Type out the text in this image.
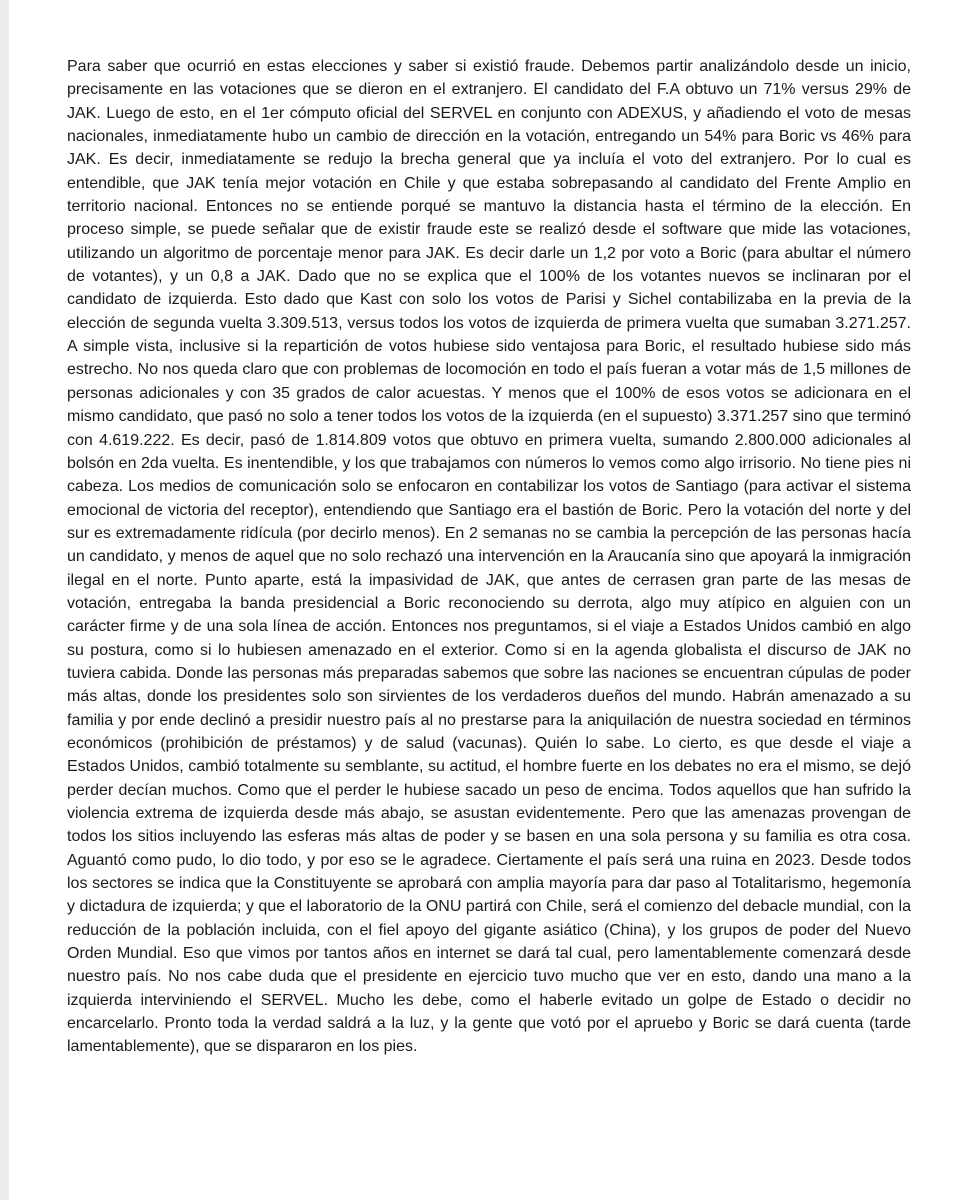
Para saber que ocurrió en estas elecciones y saber si existió fraude. Debemos partir analizándolo desde un inicio, precisamente en las votaciones que se dieron en el extranjero. El candidato del F.A obtuvo un 71% versus 29% de JAK. Luego de esto, en el 1er cómputo oficial del SERVEL en conjunto con ADEXUS, y añadiendo el voto de mesas nacionales, inmediatamente hubo un cambio de dirección en la votación, entregando un 54% para Boric vs 46% para JAK. Es decir, inmediatamente se redujo la brecha general que ya incluía el voto del extranjero. Por lo cual es entendible, que JAK tenía mejor votación en Chile y que estaba sobrepasando al candidato del Frente Amplio en territorio nacional. Entonces no se entiende porqué se mantuvo la distancia hasta el término de la elección. En proceso simple, se puede señalar que de existir fraude este se realizó desde el software que mide las votaciones, utilizando un algoritmo de porcentaje menor para JAK. Es decir darle un 1,2 por voto a Boric (para abultar el número de votantes), y un 0,8 a JAK. Dado que no se explica que el 100% de los votantes nuevos se inclinaran por el candidato de izquierda. Esto dado que Kast con solo los votos de Parisi y Sichel contabilizaba en la previa de la elección de segunda vuelta 3.309.513, versus todos los votos de izquierda de primera vuelta que sumaban 3.271.257. A simple vista, inclusive si la repartición de votos hubiese sido ventajosa para Boric, el resultado hubiese sido más estrecho. No nos queda claro que con problemas de locomoción en todo el país fueran a votar más de 1,5 millones de personas adicionales y con 35 grados de calor acuestas. Y menos que el 100% de esos votos se adicionara en el mismo candidato, que pasó no solo a tener todos los votos de la izquierda (en el supuesto) 3.371.257 sino que terminó con 4.619.222. Es decir, pasó de 1.814.809 votos que obtuvo en primera vuelta, sumando 2.800.000 adicionales al bolsón en 2da vuelta. Es inentendible, y los que trabajamos con números lo vemos como algo irrisorio. No tiene pies ni cabeza. Los medios de comunicación solo se enfocaron en contabilizar los votos de Santiago (para activar el sistema emocional de victoria del receptor), entendiendo que Santiago era el bastión de Boric. Pero la votación del norte y del sur es extremadamente ridícula (por decirlo menos). En 2 semanas no se cambia la percepción de las personas hacía un candidato, y menos de aquel que no solo rechazó una intervención en la Araucanía sino que apoyará la inmigración ilegal en el norte. Punto aparte, está la impasividad de JAK, que antes de cerrasen gran parte de las mesas de votación, entregaba la banda presidencial a Boric reconociendo su derrota, algo muy atípico en alguien con un carácter firme y de una sola línea de acción. Entonces nos preguntamos, si el viaje a Estados Unidos cambió en algo su postura, como si lo hubiesen amenazado en el exterior. Como si en la agenda globalista el discurso de JAK no tuviera cabida. Donde las personas más preparadas sabemos que sobre las naciones se encuentran cúpulas de poder más altas, donde los presidentes solo son sirvientes de los verdaderos dueños del mundo. Habrán amenazado a su familia y por ende declinó a presidir nuestro país al no prestarse para la aniquilación de nuestra sociedad en términos económicos (prohibición de préstamos) y de salud (vacunas). Quién lo sabe. Lo cierto, es que desde el viaje a Estados Unidos, cambió totalmente su semblante, su actitud, el hombre fuerte en los debates no era el mismo, se dejó perder decían muchos. Como que el perder le hubiese sacado un peso de encima. Todos aquellos que han sufrido la violencia extrema de izquierda desde más abajo, se asustan evidentemente. Pero que las amenazas provengan de todos los sitios incluyendo las esferas más altas de poder y se basen en una sola persona y su familia es otra cosa. Aguantó como pudo, lo dio todo, y por eso se le agradece. Ciertamente el país será una ruina en 2023. Desde todos los sectores se indica que la Constituyente se aprobará con amplia mayoría para dar paso al Totalitarismo, hegemonía y dictadura de izquierda; y que el laboratorio de la ONU partirá con Chile, será el comienzo del debacle mundial, con la reducción de la población incluida, con el fiel apoyo del gigante asiático (China), y los grupos de poder del Nuevo Orden Mundial. Eso que vimos por tantos años en internet se dará tal cual, pero lamentablemente comenzará desde nuestro país. No nos cabe duda que el presidente en ejercicio tuvo mucho que ver en esto, dando una mano a la izquierda interviniendo el SERVEL. Mucho les debe, como el haberle evitado un golpe de Estado o decidir no encarcelarlo. Pronto toda la verdad saldrá a la luz, y la gente que votó por el apruebo y Boric se dará cuenta (tarde lamentablemente), que se dispararon en los pies.
